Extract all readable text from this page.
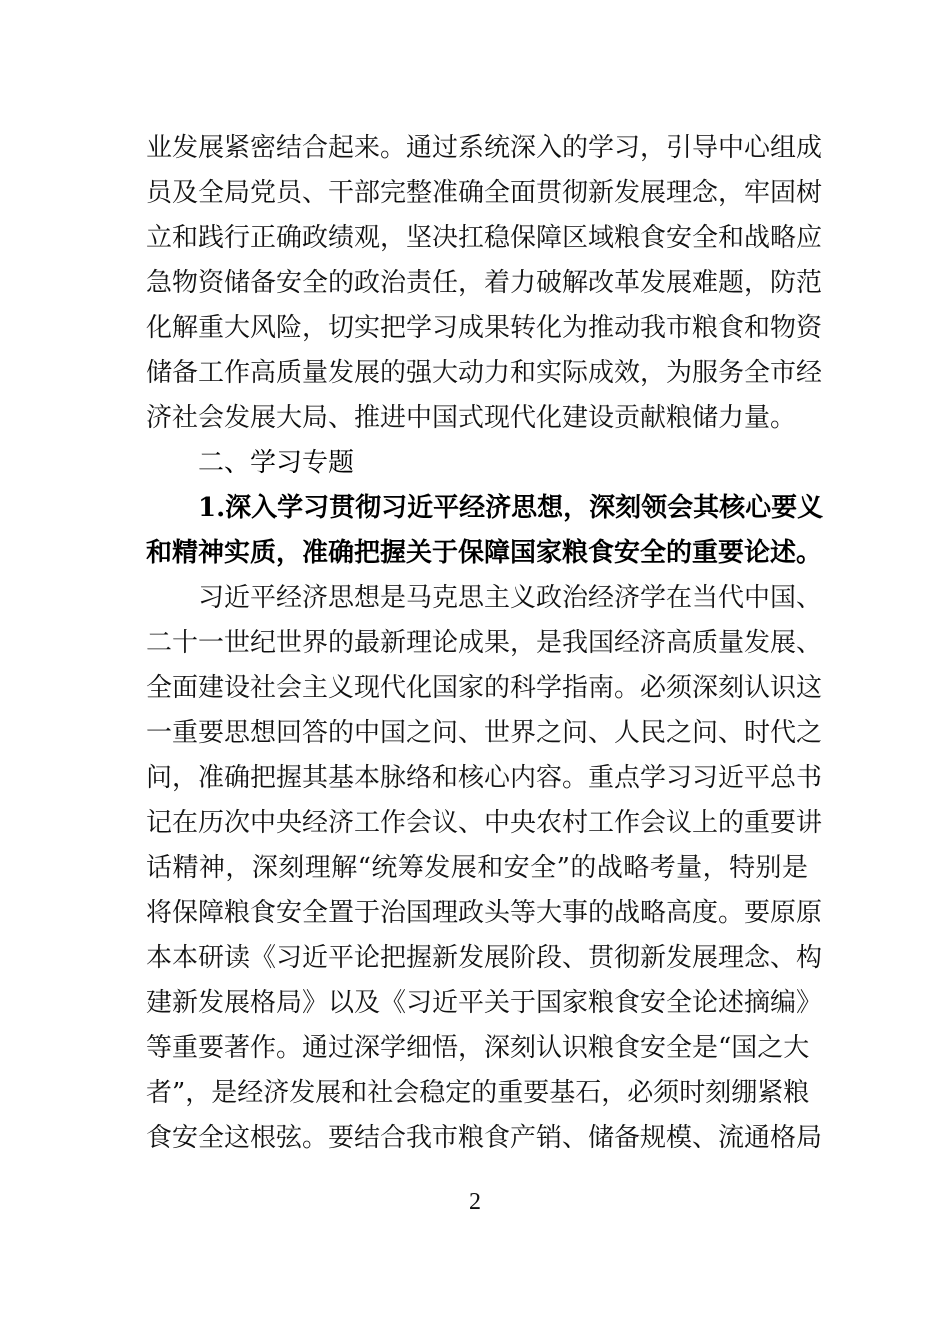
业发展紧密结合起来。通过系统深入的学习，引导中心组成
员及全局党员、干部完整准确全面贯彻新发展理念，牢固树
立和践行正确政绩观，坚决扛稳保障区域粮食安全和战略应
急物资储备安全的政治责任，着力破解改革发展难题，防范
化解重大风险，切实把学习成果转化为推动我市粮食和物资
储备工作高质量发展的强大动力和实际成效，为服务全市经
济社会发展大局、推进中国式现代化建设贡献粮储力量。
二、学习专题
1.深入学习贯彻习近平经济思想，深刻领会其核心要义
和精神实质，准确把握关于保障国家粮食安全的重要论述。
习近平经济思想是马克思主义政治经济学在当代中国、
二十一世纪世界的最新理论成果，是我国经济高质量发展、
全面建设社会主义现代化国家的科学指南。必须深刻认识这
一重要思想回答的中国之问、世界之问、人民之问、时代之
问，准确把握其基本脉络和核心内容。重点学习习近平总书
记在历次中央经济工作会议、中央农村工作会议上的重要讲
话精神，深刻理解“统筹发展和安全”的战略考量，特别是
将保障粮食安全置于治国理政头等大事的战略高度。要原原
本本研读《习近平论把握新发展阶段、贯彻新发展理念、构
建新发展格局》以及《习近平关于国家粮食安全论述摘编》
等重要著作。通过深学细悟，深刻认识粮食安全是“国之大
者”，是经济发展和社会稳定的重要基石，必须时刻绷紧粮
食安全这根弦。要结合我市粮食产销、储备规模、流通格局
2
